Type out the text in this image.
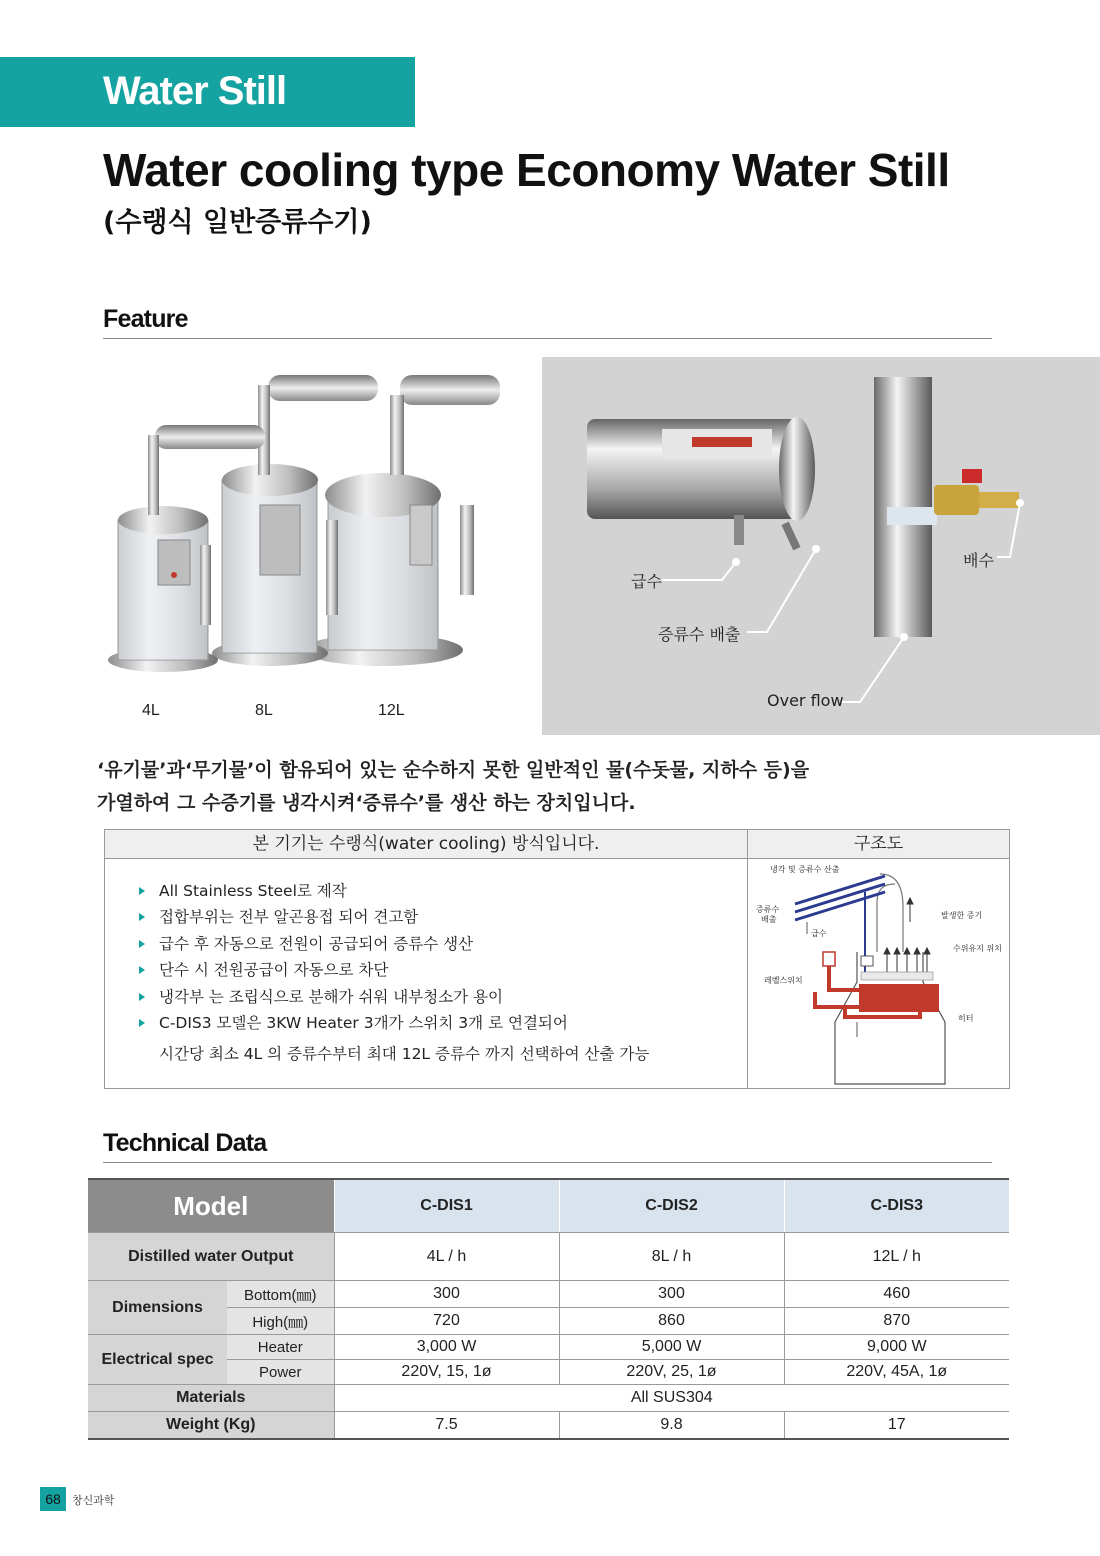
Water Still
Water cooling type Economy Water Still
(수랭식 일반증류수기)
Feature
4L	8L	12L
급수
증류수 배출
배수
Over flow
‘유기물’과‘무기물’이 함유되어 있는 순수하지 못한 일반적인 물(수돗물, 지하수 등)을
가열하여 그 수증기를 냉각시켜‘증류수’를 생산 하는 장치입니다.
본 기기는 수랭식(water cooling) 방식입니다.	구조도
All Stainless Steel로 제작
접합부위는 전부 알곤용접 되어 견고함
급수 후 자동으로 전원이 공급되어 증류수 생산
단수 시 전원공급이 자동으로 차단
냉각부 는 조립식으로 분해가 쉬워 내부청소가 용이
C-DIS3 모델은 3KW Heater 3개가 스위치 3개 로 연결되어
시간당 최소 4L 의 증류수부터 최대 12L 증류수 까지 선택하여 산출 가능
냉각 및 증류수 산출
증류수
배출
급수
발생한 증기
수위유지 위치
레벨스위치
히터
Technical Data
Model		C-DIS1	C-DIS2	C-DIS3
Distilled water Output		4L / h	8L / h	12L / h
Dimensions	Bottom(㎜)	300	300	460
	High(㎜)	720	860	870
Electrical spec	Heater	3,000 W	5,000 W	9,000 W
	Power	220V, 15, 1ø	220V, 25, 1ø	220V, 45A, 1ø
Materials		All SUS304		
Weight (Kg)		7.5	9.8	17
68	창신과학
